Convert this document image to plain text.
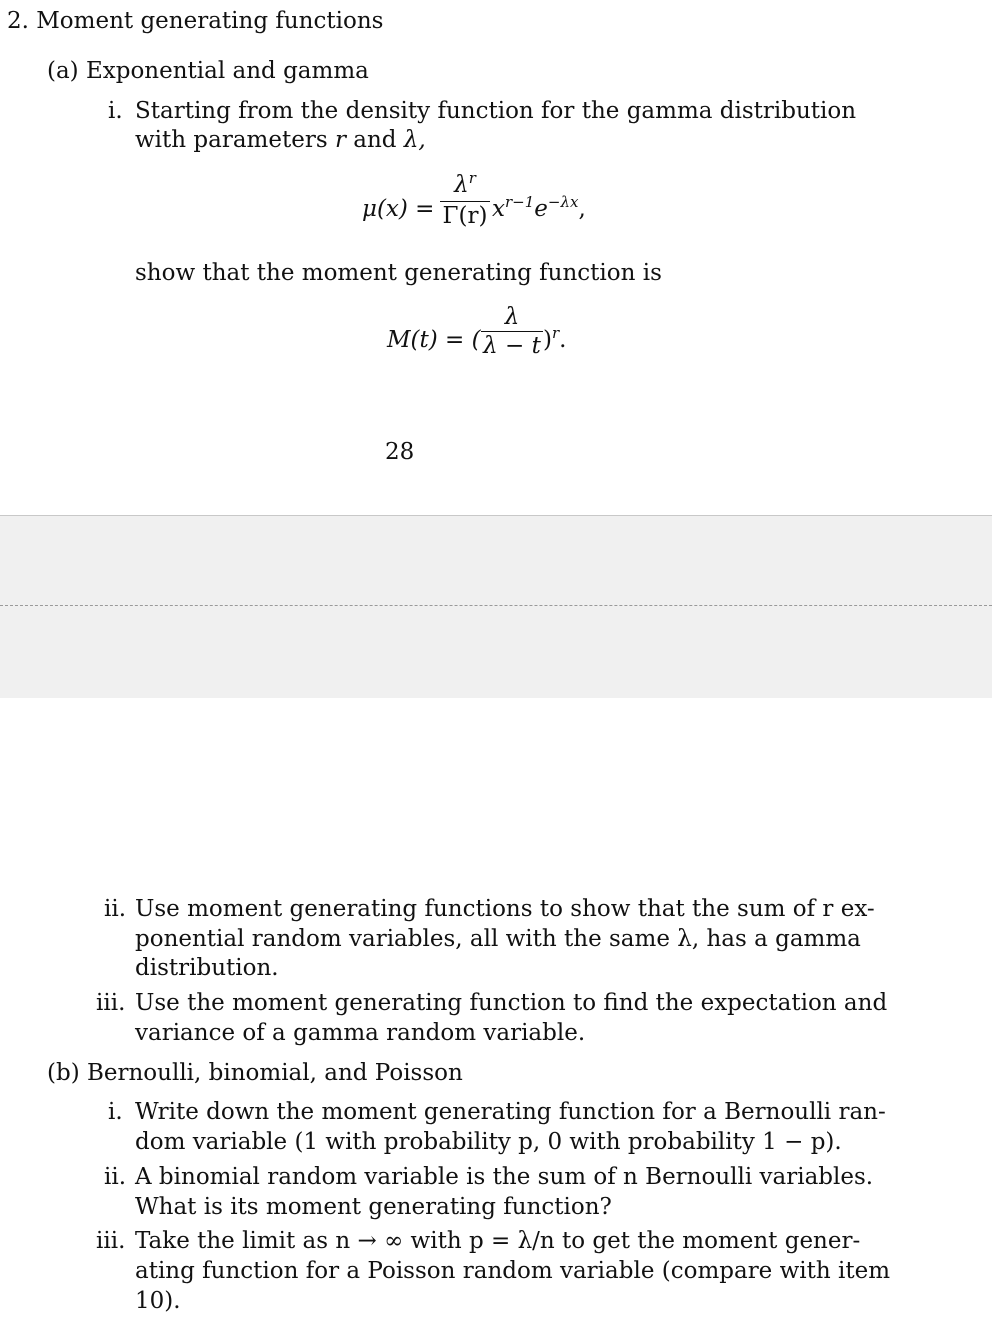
2. Moment generating functions
(a) Exponential and gamma
i. Starting from the density function for the gamma distribution
with parameters r and λ,
μ(x) =
$\lambda^r$
Γ(r) $x^{r-1}e^{-\lambda x}$,
show that the moment generating function is
M(t) = (
λ
λ − t )$^r$.
28
ii. Use moment generating functions to show that the sum of r ex-
ponential random variables, all with the same λ, has a gamma
distribution.
iii. Use the moment generating function to find the expectation and
variance of a gamma random variable.
(b) Bernoulli, binomial, and Poisson
i. Write down the moment generating function for a Bernoulli ran-
dom variable (1 with probability p, 0 with probability 1 − p).
ii. A binomial random variable is the sum of n Bernoulli variables.
What is its moment generating function?
iii. Take the limit as n → ∞ with p = λ/n to get the moment gener-
ating function for a Poisson random variable (compare with item
10).
